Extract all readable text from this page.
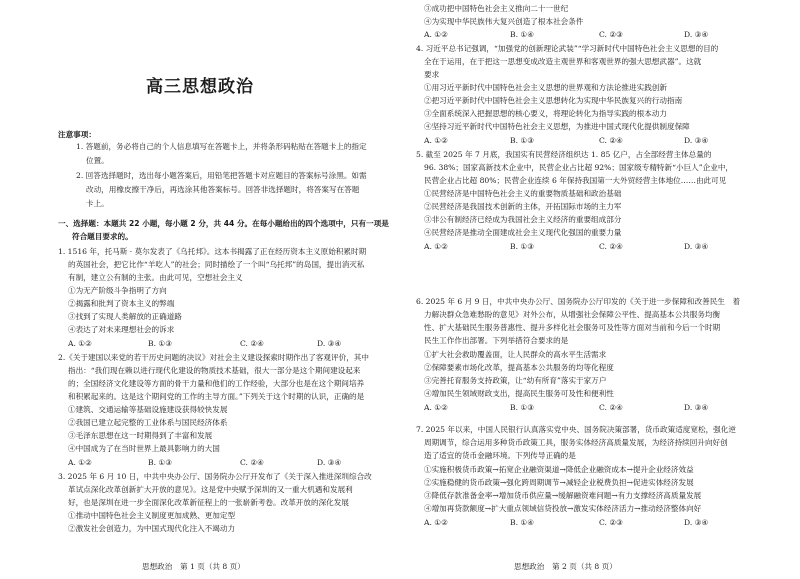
高三思想政治
注意事项：
1. 答题前，务必将自己的个人信息填写在答题卡上，并将条形码粘贴在答题卡上的指定
位置。
2. 回答选择题时，选出每小题答案后，用铅笔把答题卡对应题目的答案标号涂黑。如需
改动，用橡皮擦干净后，再选涂其他答案标号。回答非选择题时，将答案写在答题
卡上。
一、选择题：本题共 22 小题，每小题 2 分，共 44 分。在每小题给出的四个选项中，只有一项是
符合题目要求的。
1. 1516 年，托马斯 · 莫尔发表了《乌托邦》。这本书揭露了正在经历资本主义原始积累时期
的英国社会，把它比作“羊吃人”的社会；同时描绘了一个叫“乌托邦”的岛国，提出消灭私
有制，建立公有制的主张。由此可见，空想社会主义
①为无产阶级斗争指明了方向
②揭露和批判了资本主义的弊端
③找到了实现人类解放的正确道路
④表达了对未来理想社会的诉求
A. ①②	B. ①③	C. ②④	D. ③④
2.《关于建国以来党的若干历史问题的决议》对社会主义建设探索时期作出了客观评价，其中
指出：“我们现在赖以进行现代化建设的物质技术基础，很大一部分是这个期间建设起来
的；全国经济文化建设等方面的骨干力量和他们的工作经验，大部分也是在这个期间培养
和积累起来的。这是这个期间党的工作的主导方面。”下列关于这个时期的认识，正确的是
①建筑、交通运输等基础设施建设获得较快发展
②我国已建立起完整的工业体系与国民经济体系
③毛泽东思想在这一时期得到了丰富和发展
④中国成为了在当时世界上最具影响力的大国
A. ①②	B. ①③	C. ②④	D. ③④
3. 2025 年 6 月 10 日，中共中央办公厅、国务院办公厅开发布了《关于深入推进深圳综合改
革试点深化改革创新扩大开放的意见》。这是党中央赋予深圳的又一重大机遇和发展利
好，也是深圳在进一步全面深化改革新征程上的一张崭新考卷。改革开放的深化发展
①推动中国特色社会主义制度更加成熟、更加定型
②激发社会创造力，为中国式现代化注入不竭动力
思想政治　第 1 页（共 8 页）
③成功把中国特色社会主义推向二十一世纪
④为实现中华民族伟大复兴创造了根本社会条件
A. ①②	B. ①④	C. ②③	D. ③④
4. 习近平总书记强调，“加强党的创新理论武装”“学习新时代中国特色社会主义思想的目的
全在于运用，在于把这一思想变成改造主观世界和客观世界的强大思想武器”。这就
要求
①用习近平新时代中国特色社会主义思想的世界观和方法论推进实践创新
②把习近平新时代中国特色社会主义思想转化为实现中华民族复兴的行动指南
③全面系统深入把握思想的核心要义，将理论转化为指导实践的根本动力
④坚持习近平新时代中国特色社会主义思想，为推进中国式现代化提供制度保障
A. ①②	B. ①③	C. ②④	D. ③④
5. 截至 2025 年 7 月底，我国实有民营经济组织达 1. 85 亿户，占全部经营主体总量的
96. 38%；国家高新技术企业中，民营企业占比超 92%；国家级专精特新“小巨人”企业中，
民营企业占比超 80%；民营企业连续 6 年保持我国第一大外贸经营主体地位……由此可见
①民营经济是中国特色社会主义的重要物质基础和政治基础
②民营经济是我国技术创新的主体，开拓国际市场的主力军
③非公有制经济已经成为我国社会主义经济的重要组成部分
④民营经济是推动全面建成社会主义现代化强国的重要力量
A. ①②	B. ①③	C. ②④	D. ③④
6. 2025 年 6 月 9 日，中共中央办公厅、国务院办公厅印发的《关于进一步保障和改善民生　着
力解决群众急难愁盼的意见》对外公布，从增强社会保障公平性、提高基本公共服务均衡
性、扩大基础民生服务普惠性、提升多样化社会服务可及性等方面对当前和今后一个时期
民生工作作出部署。下列举措符合要求的是
①扩大社会救助覆盖面，让人民群众的高水平生活需求
②保障要素市场化改革，提高基本公共服务的均等化程度
③完善托育服务支持政策，让“幼有所育”落实于家万户
④增加民生领域财政支出，提高民生服务可及性和便利性
A. ①②	B. ①③	C. ②④	D. ③④
7. 2025 年以来，中国人民银行认真落实党中央、国务院决策部署，货币政策适度宽松，强化逆
周期调节，综合运用多种货币政策工具，服务实体经济高质量发展，为经济持续回升向好创
造了适宜的货币金融环境。下列传导正确的是
①实施积极货币政策→拓宽企业融资渠道→降低企业融资成本→提升企业经济效益
②实施稳健的货币政策→强化跨周期调节→减轻企业税费负担→促进实体经济发展
③降低存款准备金率→增加货币供应量→缓解融资难问题→有力支撑经济高质量发展
④增加再贷款额度→扩大重点领域信贷投放→激发实体经济活力→推动经济整体向好
A. ①②	B. ①④	C. ②③	D. ③④
思想政治　第 2 页（共 8 页）
